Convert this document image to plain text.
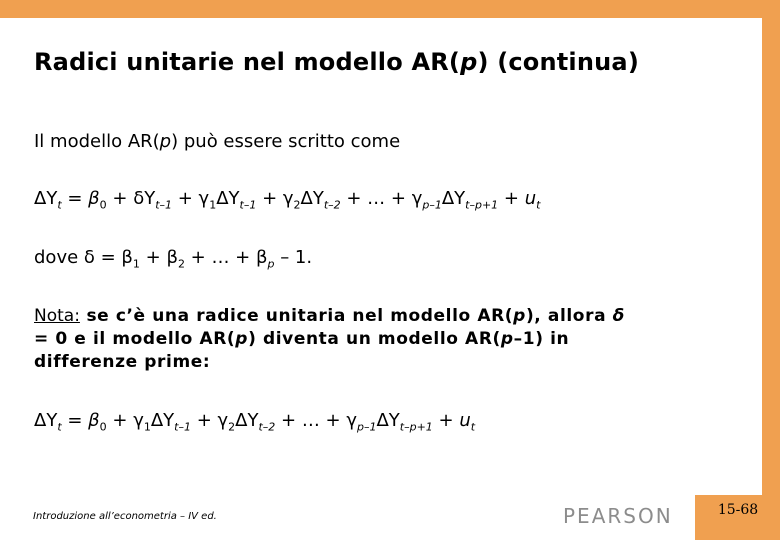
15-68
Radici unitarie nel modello AR(p) (continua)
Il modello AR(p) può essere scritto come
$\Delta Y_t = \beta_0 + \delta Y_{t-1} + \gamma_1\Delta Y_{t-1} + \gamma_2\Delta Y_{t-2}$ + … + $\gamma_{p-1}\Delta Y_{t-p+1} + u_t$
dove $\delta = \beta_1 + \beta_2$ + … + $\beta_p - 1$.
Nota: se c’è una radice unitaria nel modello AR(p), allora δ = 0 e il modello AR(p) diventa un modello AR(p–1) in differenze prime:
$\Delta Y_t = \beta_0 + \gamma_1\Delta Y_{t-1} + \gamma_2\Delta Y_{t-2}$ + … + $\gamma_{p-1}\Delta Y_{t-p+1} + u_t$
Introduzione all’econometria – IV ed.	PEARSON
